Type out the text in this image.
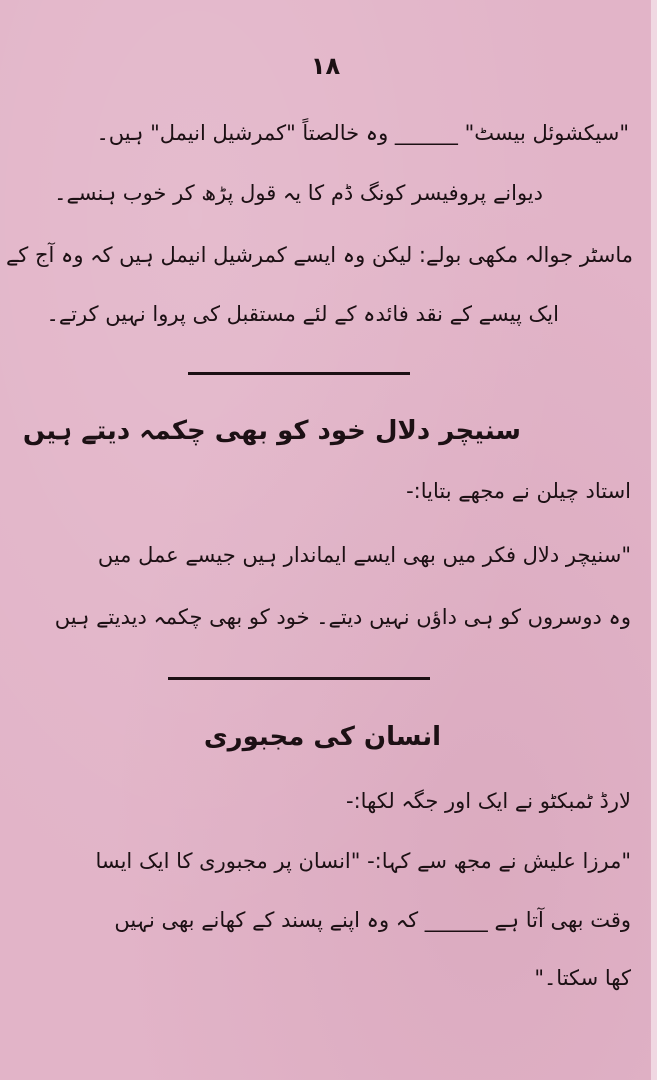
۱۸
"سیکشوئل بیسٹ" ______ وہ خالصتاً "کمرشیل انیمل" ہیں۔
دیوانے پروفیسر کونگ ڈم کا یہ قول پڑھ کر خوب ہنسے۔
ماسٹر جوالہ مکھی بولے: لیکن وہ ایسے کمرشیل انیمل ہیں کہ وہ آج کے
ایک پیسے کے نقد فائدہ کے لئے مستقبل کی پروا نہیں کرتے۔
سنیچر دلال خود کو بھی چکمہ دیتے ہیں
استاد چیلن نے مجھے بتایا:-
"سنیچر دلال فکر میں بھی ایسے ایماندار ہیں جیسے عمل میں
وہ دوسروں کو ہی داؤں نہیں دیتے۔ خود کو بھی چکمہ دیدیتے ہیں
انسان کی مجبوری
لارڈ ٹمبکٹو نے ایک اور جگہ لکھا:-
"مرزا علیش نے مجھ سے کہا:- "انسان پر مجبوری کا ایک ایسا
وقت بھی آتا ہے ______ کہ وہ اپنے پسند کے کھانے بھی نہیں
کھا سکتا۔"
